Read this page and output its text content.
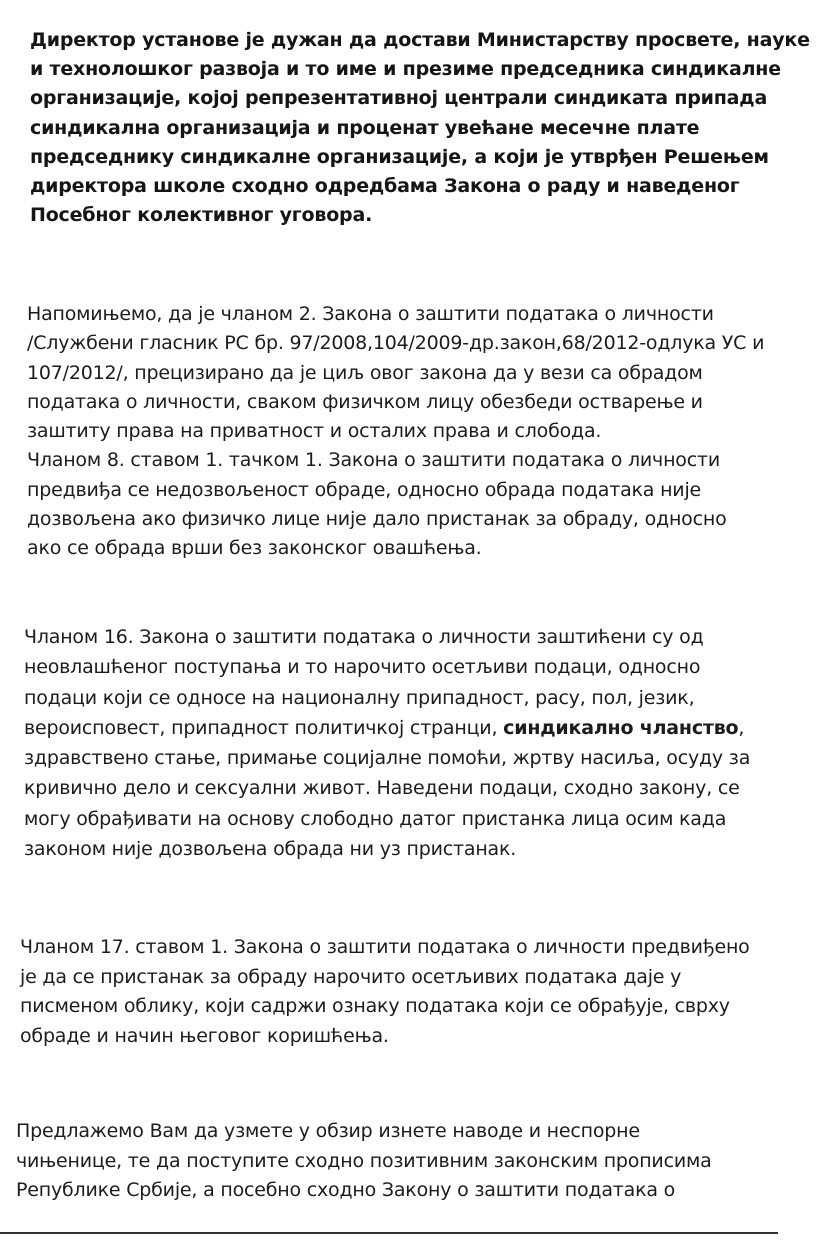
Директор установе је дужан да достави Министарству просвете, науке
и технолошког развоја и то име и презиме председника синдикалне
организације, којој репрезентативној централи синдиката припада
синдикална организација и проценат увећане месечне плате
председнику синдикалне организације, а који је утврђен Решењем
директора школе сходно одредбама Закона о раду и наведеног
Посебног колективног уговора.

Напомињемо, да је чланом 2. Закона о заштити података о личности
/Службени гласник РС бр. 97/2008,104/2009-др.закон,68/2012-одлука УС и
107/2012/, прецизирано да је циљ овог закона да у вези са обрадом
података о личности, сваком физичком лицу обезбеди остварење и
заштиту права на приватност и осталих права и слобода.
Чланом 8. ставом 1. тачком 1. Закона о заштити података о личности
предвиђа се недозвољеност обраде, односно обрада података није
дозвољена ако физичко лице није дало пристанак за обраду, односно
ако се обрада врши без законског овашћења.

Чланом 16. Закона о заштити података о личности заштићени су од
неовлашћеног поступања и то нарочито осетљиви подаци, односно
подаци који се односе на националну припадност, расу, пол, језик,
вероисповест, припадност политичкој странци, синдикално чланство,
здравствено стање, примање социјалне помоћи, жртву насиља, осуду за
кривично дело и сексуални живот. Наведени подаци, сходно закону, се
могу обрађивати на основу слободно датог пристанка лица осим када
законом није дозвољена обрада ни уз пристанак.

Чланом 17. ставом 1. Закона о заштити података о личности предвиђено
је да се пристанак за обраду нарочито осетљивих података даје у
писменом облику, који садржи ознаку података који се обрађује, сврху
обраде и начин његовог коришћења.

Предлажемо Вам да узмете у обзир изнете наводе и неспорне
чињенице, те да поступите сходно позитивним законским прописима
Републике Србије, а посебно сходно Закону о заштити података о
